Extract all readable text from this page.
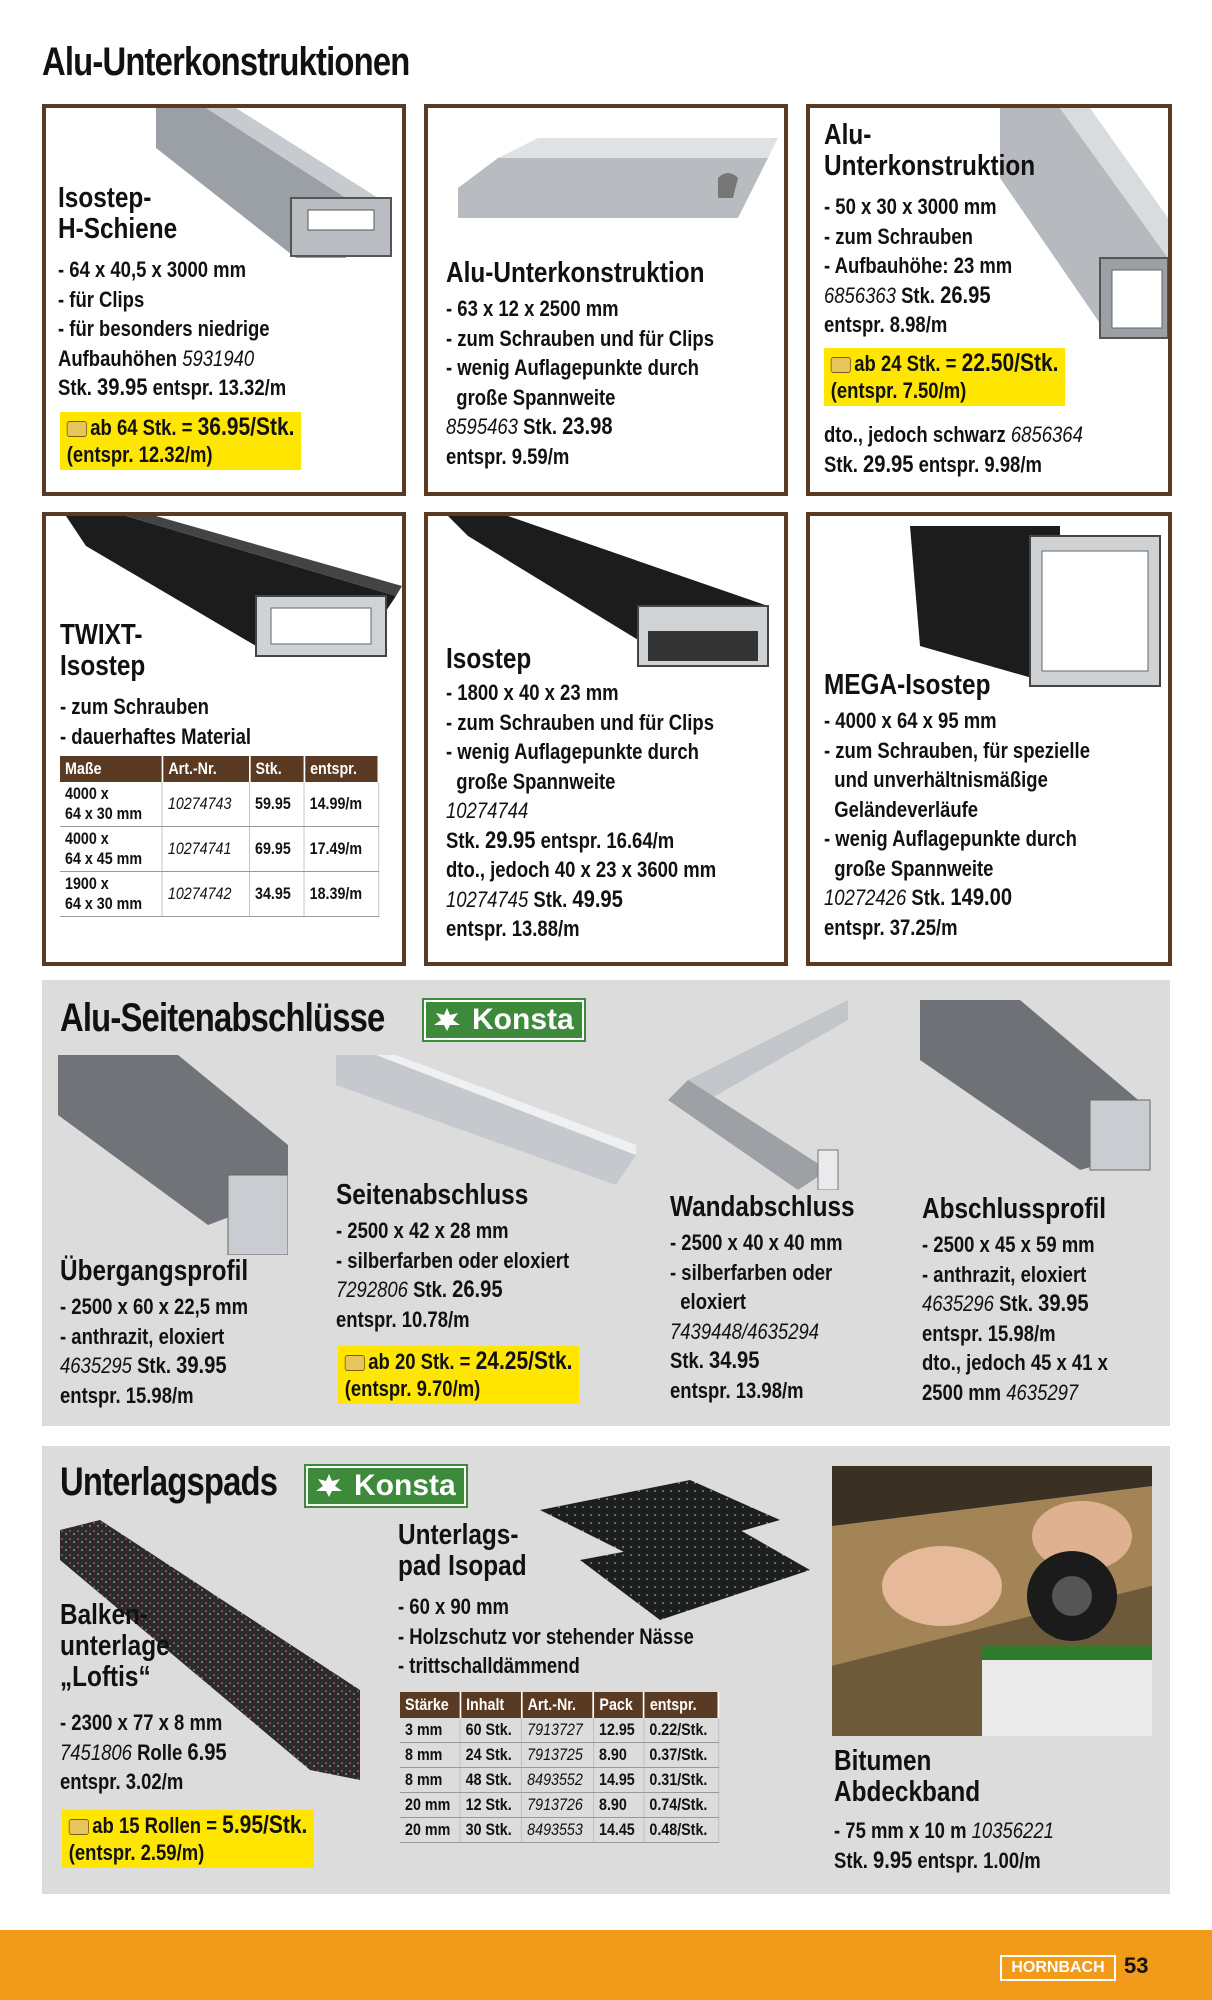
Alu-Unterkonstruktionen
Isostep-
H-Schiene
- 64 x 40,5 x 3000 mm
- für Clips
- für besonders niedrige
Aufbauhöhen 5931940
Stk. 39.95 entspr. 13.32/m
ab 64 Stk. = 36.95/Stk.
(entspr. 12.32/m)
Alu-Unterkonstruktion
- 63 x 12 x 2500 mm
- zum Schrauben und für Clips
- wenig Auflagepunkte durch
große Spannweite
8595463 Stk. 23.98
entspr. 9.59/m
Alu-
Unterkonstruktion
- 50 x 30 x 3000 mm
- zum Schrauben
- Aufbauhöhe: 23 mm
6856363 Stk. 26.95
entspr. 8.98/m
ab 24 Stk. = 22.50/Stk.
(entspr. 7.50/m)
dto., jedoch schwarz 6856364
Stk. 29.95 entspr. 9.98/m
TWIXT-
Isostep
- zum Schrauben
- dauerhaftes Material
Maße	Art.-Nr.	Stk.	entspr.

4000 x
64 x 30 mm	10274743	59.95	14.99/m

4000 x
64 x 45 mm	10274741	69.95	17.49/m

1900 x
64 x 30 mm	10274742	34.95	18.39/m
Isostep
- 1800 x 40 x 23 mm
- zum Schrauben und für Clips
- wenig Auflagepunkte durch
große Spannweite
10274744
Stk. 29.95 entspr. 16.64/m
dto., jedoch 40 x 23 x 3600 mm
10274745 Stk. 49.95
entspr. 13.88/m
MEGA-Isostep
- 4000 x 64 x 95 mm
- zum Schrauben, für spezielle
und unverhältnismäßige
Geländeverläufe
- wenig Auflagepunkte durch
große Spannweite
10272426 Stk. 149.00
entspr. 37.25/m
Alu-Seitenabschlüsse	Konsta
Übergangsprofil
- 2500 x 60 x 22,5 mm
- anthrazit, eloxiert
4635295 Stk. 39.95
entspr. 15.98/m
Seitenabschluss
- 2500 x 42 x 28 mm
- silberfarben oder eloxiert
7292806 Stk. 26.95
entspr. 10.78/m
ab 20 Stk. = 24.25/Stk.
(entspr. 9.70/m)
Wandabschluss
- 2500 x 40 x 40 mm
- silberfarben oder
eloxiert
7439448/4635294
Stk. 34.95
entspr. 13.98/m
Abschlussprofil
- 2500 x 45 x 59 mm
- anthrazit, eloxiert
4635296 Stk. 39.95
entspr. 15.98/m
dto., jedoch 45 x 41 x
2500 mm 4635297
Unterlagspads	Konsta
Balken-
unterlage
„Loftis“
- 2300 x 77 x 8 mm
7451806 Rolle 6.95
entspr. 3.02/m
ab 15 Rollen = 5.95/Stk.
(entspr. 2.59/m)
Unterlags-
pad Isopad
- 60 x 90 mm
- Holzschutz vor stehender Nässe
- trittschalldämmend
Stärke	Inhalt	Art.-Nr.	Pack	entspr.
3 mm	60 Stk.	7913727	12.95	0.22/Stk.
8 mm	24 Stk.	7913725	8.90	0.37/Stk.
8 mm	48 Stk.	8493552	14.95	0.31/Stk.
20 mm	12 Stk.	7913726	8.90	0.74/Stk.
20 mm	30 Stk.	8493553	14.45	0.48/Stk.
Bitumen
Abdeckband
- 75 mm x 10 m 10356221
Stk. 9.95 entspr. 1.00/m
HORNBACH 53
